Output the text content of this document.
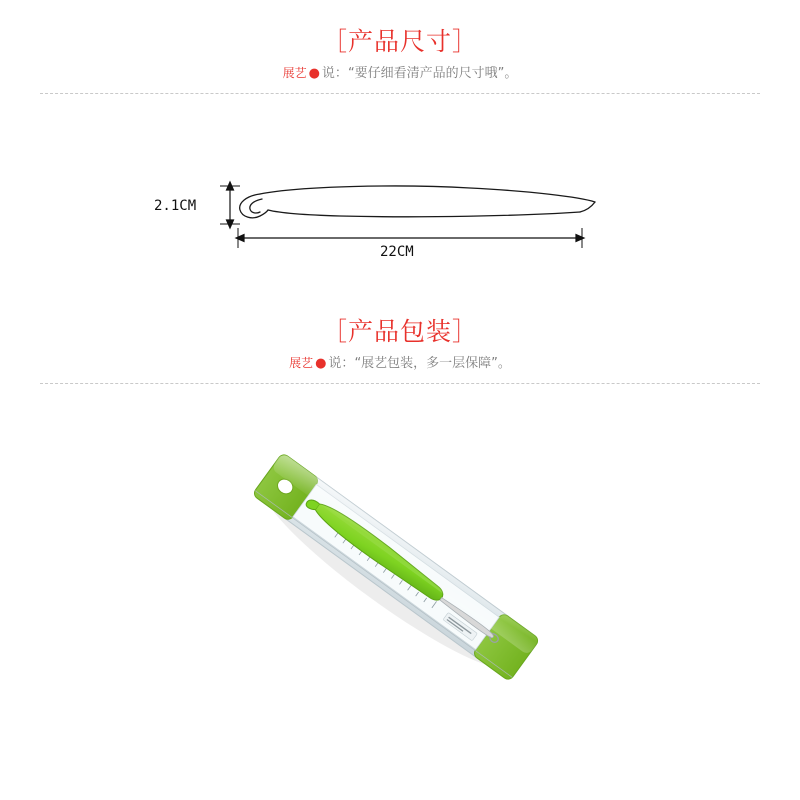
［产品尺寸］
展艺 ● 说：“要仔细看清产品的尺寸哦”。
2.1CM
22CM
［产品包装］
展艺 ● 说：“展艺包装，多一层保障”。
